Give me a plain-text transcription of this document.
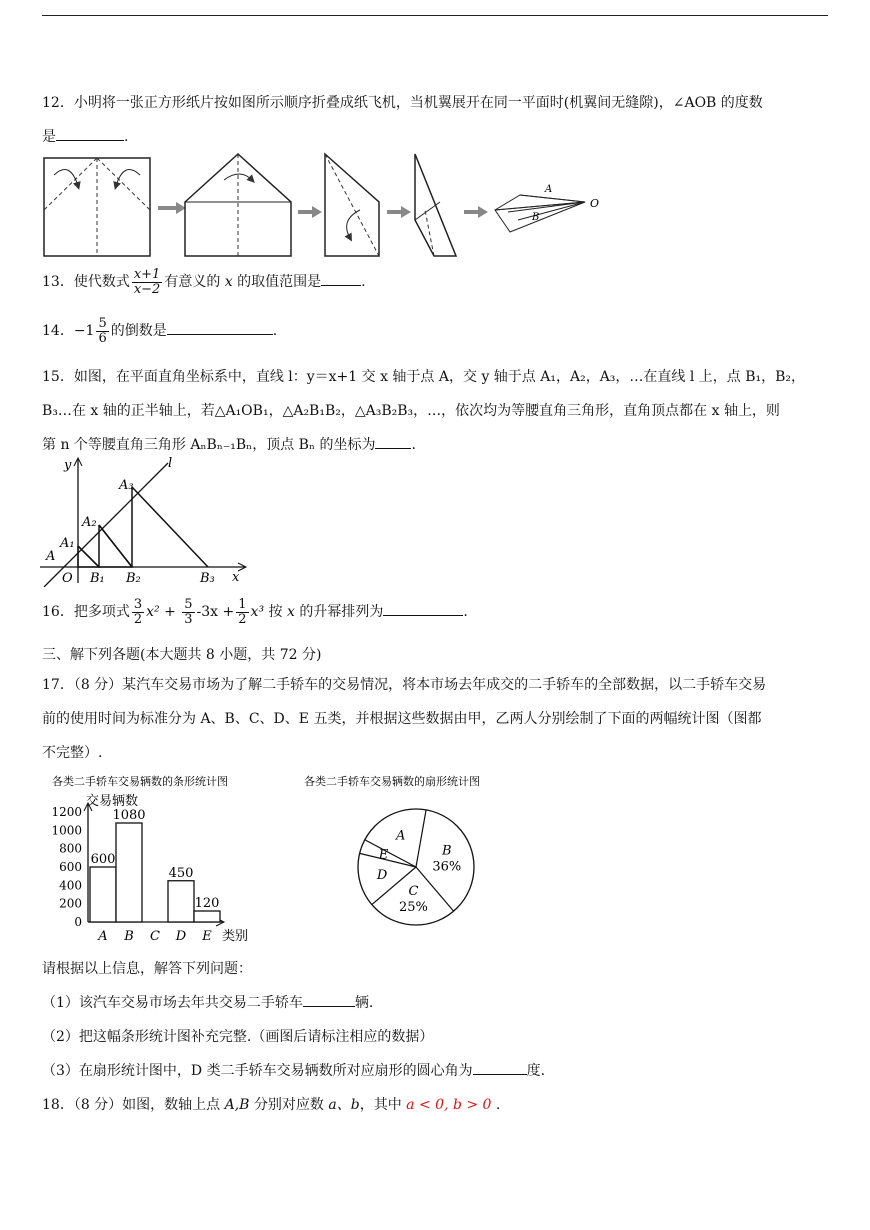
12．小明将一张正方形纸片按如图所示顺序折叠成纸飞机，当机翼展开在同一平面时(机翼间无缝隙)，∠AOB 的度数
是	.
A
B
O
13．使代数式 $\frac{x+1}{x-2}$ 有意义的 x 的取值范围是	.
14．$-1 \frac{5}{6}$ 的倒数是	.
15．如图，在平面直角坐标系中，直线 l：y＝x+1 交 x 轴于点 A，交 y 轴于点 A₁，A₂，A₃，…在直线 l 上，点 B₁，B₂，
B₃…在 x 轴的正半轴上，若△A₁OB₁，△A₂B₁B₂，△A₃B₂B₃，…，依次均为等腰直角三角形，直角顶点都在 x 轴上，则
第 n 个等腰直角三角形 AₙBₙ₋₁Bₙ，顶点 Bₙ 的坐标为	.
y
x
l
A
O
A₁
A₂
A₃
B₁ B₂	B₃
16．把多项式 $\frac{3}{2} x^2 + \frac{5}{3} -3x + \frac{1}{2} x^3$ 按 x 的升幂排列为	.
三、解下列各题(本大题共 8 小题，共 72 分)
17．（8 分）某汽车交易市场为了解二手轿车的交易情况，将本市场去年成交的二手轿车的全部数据，以二手轿车交易
前的使用时间为标准分为 A、B、C、D、E 五类，并根据这些数据由甲，乙两人分别绘制了下面的两幅统计图（图都
不完整）.
各类二手轿车交易辆数的条形统计图
交易辆数
类别
0
200
400
600
800
1000
1200
A B C D E
600
1080
450
120
各类二手轿车交易辆数的扇形统计图
B
36%
C
25%
D
E
A
请根据以上信息，解答下列问题：
（1）该汽车交易市场去年共交易二手轿车	辆.
（2）把这幅条形统计图补充完整.（画图后请标注相应的数据）
（3）在扇形统计图中，D 类二手轿车交易辆数所对应扇形的圆心角为	度.
18．（8 分）如图，数轴上点 A,B 分别对应数 a、b，其中 a < 0, b > 0 .
